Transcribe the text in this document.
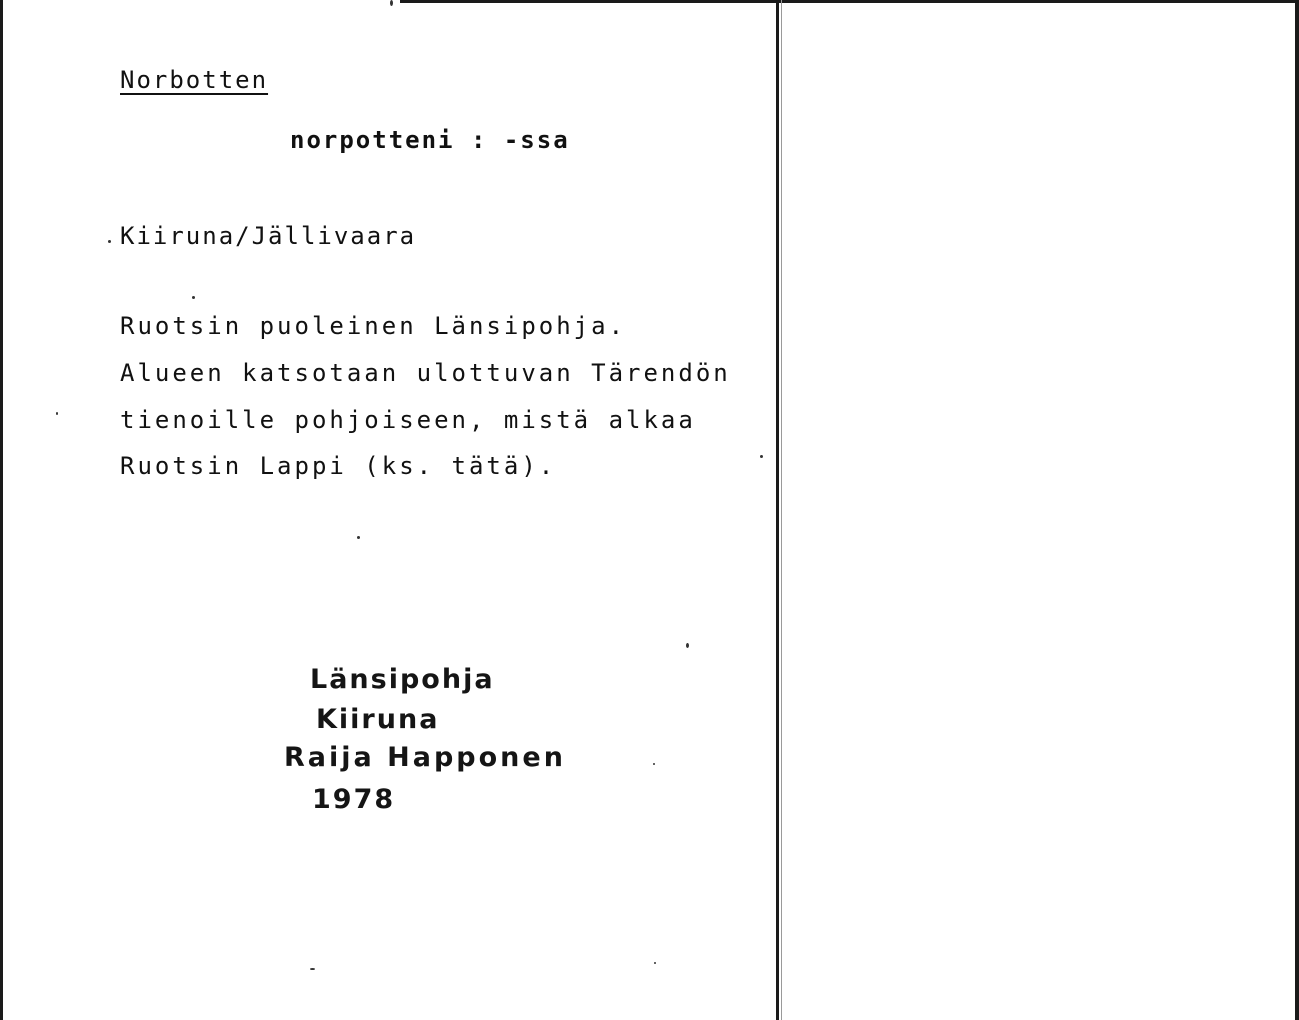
Norbotten
norpotteni : -ssa
Kiiruna/Jällivaara
Ruotsin puoleinen Länsipohja.
Alueen katsotaan ulottuvan Tärendön
tienoille pohjoiseen, mistä alkaa
Ruotsin Lappi (ks. tätä).
Länsipohja
Kiiruna
Raija Happonen
1978
